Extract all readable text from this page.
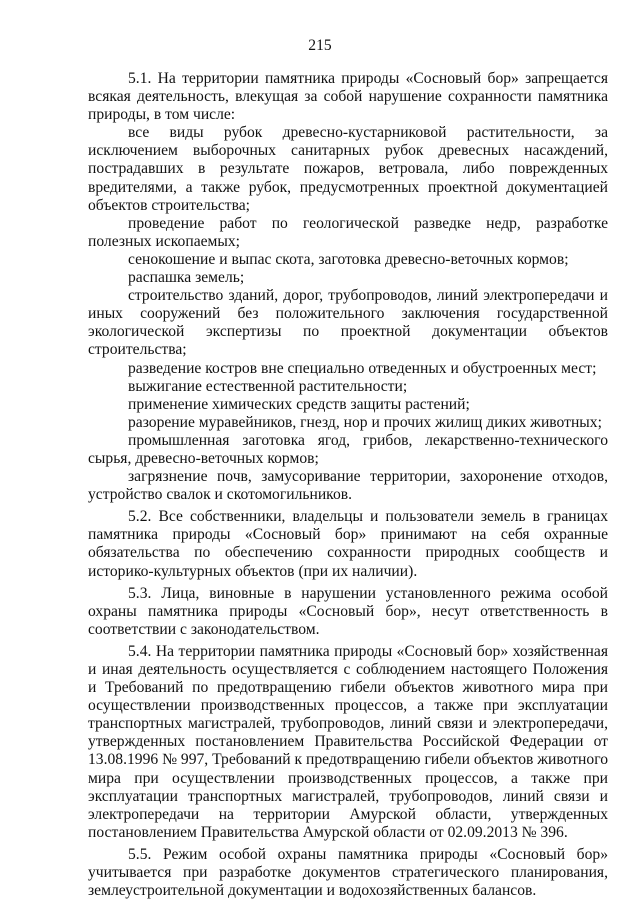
215

5.1. На территории памятника природы «Сосновый бор» запрещается всякая деятельность, влекущая за собой нарушение сохранности памятника природы, в том числе:

все виды рубок древесно-кустарниковой растительности, за исключением выборочных санитарных рубок древесных насаждений, пострадавших в результате пожаров, ветровала, либо поврежденных вредителями, а также рубок, предусмотренных проектной документацией объектов строительства;

проведение работ по геологической разведке недр, разработке полезных ископаемых;

сенокошение и выпас скота, заготовка древесно-веточных кормов;

распашка земель;

строительство зданий, дорог, трубопроводов, линий электропередачи и иных сооружений без положительного заключения государственной экологической экспертизы по проектной документации объектов строительства;

разведение костров вне специально отведенных и обустроенных мест;

выжигание естественной растительности;

применение химических средств защиты растений;

разорение муравейников, гнезд, нор и прочих жилищ диких животных;

промышленная заготовка ягод, грибов, лекарственно-технического сырья, древесно-веточных кормов;

загрязнение почв, замусоривание территории, захоронение отходов, устройство свалок и скотомогильников.

5.2. Все собственники, владельцы и пользователи земель в границах памятника природы «Сосновый бор» принимают на себя охранные обязательства по обеспечению сохранности природных сообществ и историко-культурных объектов (при их наличии).

5.3. Лица, виновные в нарушении установленного режима особой охраны памятника природы «Сосновый бор», несут ответственность в соответствии с законодательством.

5.4. На территории памятника природы «Сосновый бор» хозяйственная и иная деятельность осуществляется с соблюдением настоящего Положения и Требований по предотвращению гибели объектов животного мира при осуществлении производственных процессов, а также при эксплуатации транспортных магистралей, трубопроводов, линий связи и электропередачи, утвержденных постановлением Правительства Российской Федерации от 13.08.1996 № 997, Требований к предотвращению гибели объектов животного мира при осуществлении производственных процессов, а также при эксплуатации транспортных магистралей, трубопроводов, линий связи и электропередачи на территории Амурской области, утвержденных постановлением Правительства Амурской области от 02.09.2013 № 396.

5.5. Режим особой охраны памятника природы «Сосновый бор» учитывается при разработке документов стратегического планирования, землеустроительной документации и водохозяйственных балансов.
